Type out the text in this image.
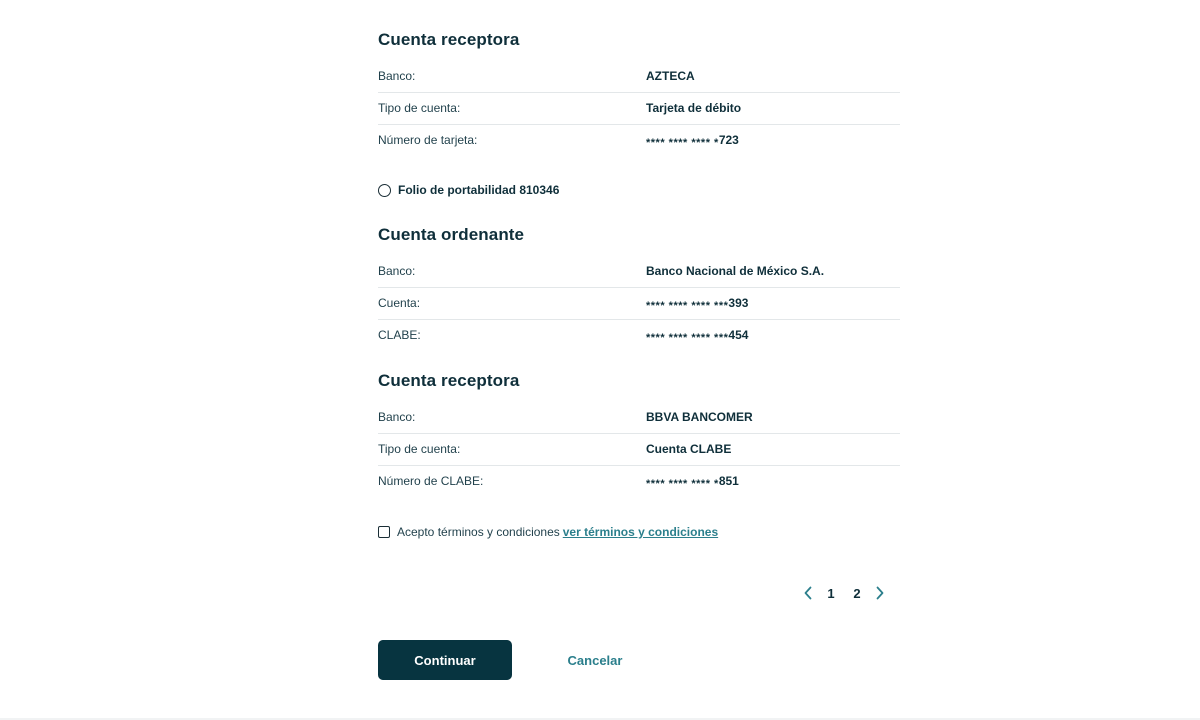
Cuenta receptora
Banco:	AZTECA
Tipo de cuenta:	Tarjeta de débito
Número de tarjeta:	**** **** **** *723
Folio de portabilidad 810346
Cuenta ordenante
Banco:	Banco Nacional de México S.A.
Cuenta:	**** **** **** ***393
CLABE:	**** **** **** ***454
Cuenta receptora
Banco:	BBVA BANCOMER
Tipo de cuenta:	Cuenta CLABE
Número de CLABE:	**** **** **** *851
Acepto términos y condiciones ver términos y condiciones
1	2
Continuar	Cancelar
